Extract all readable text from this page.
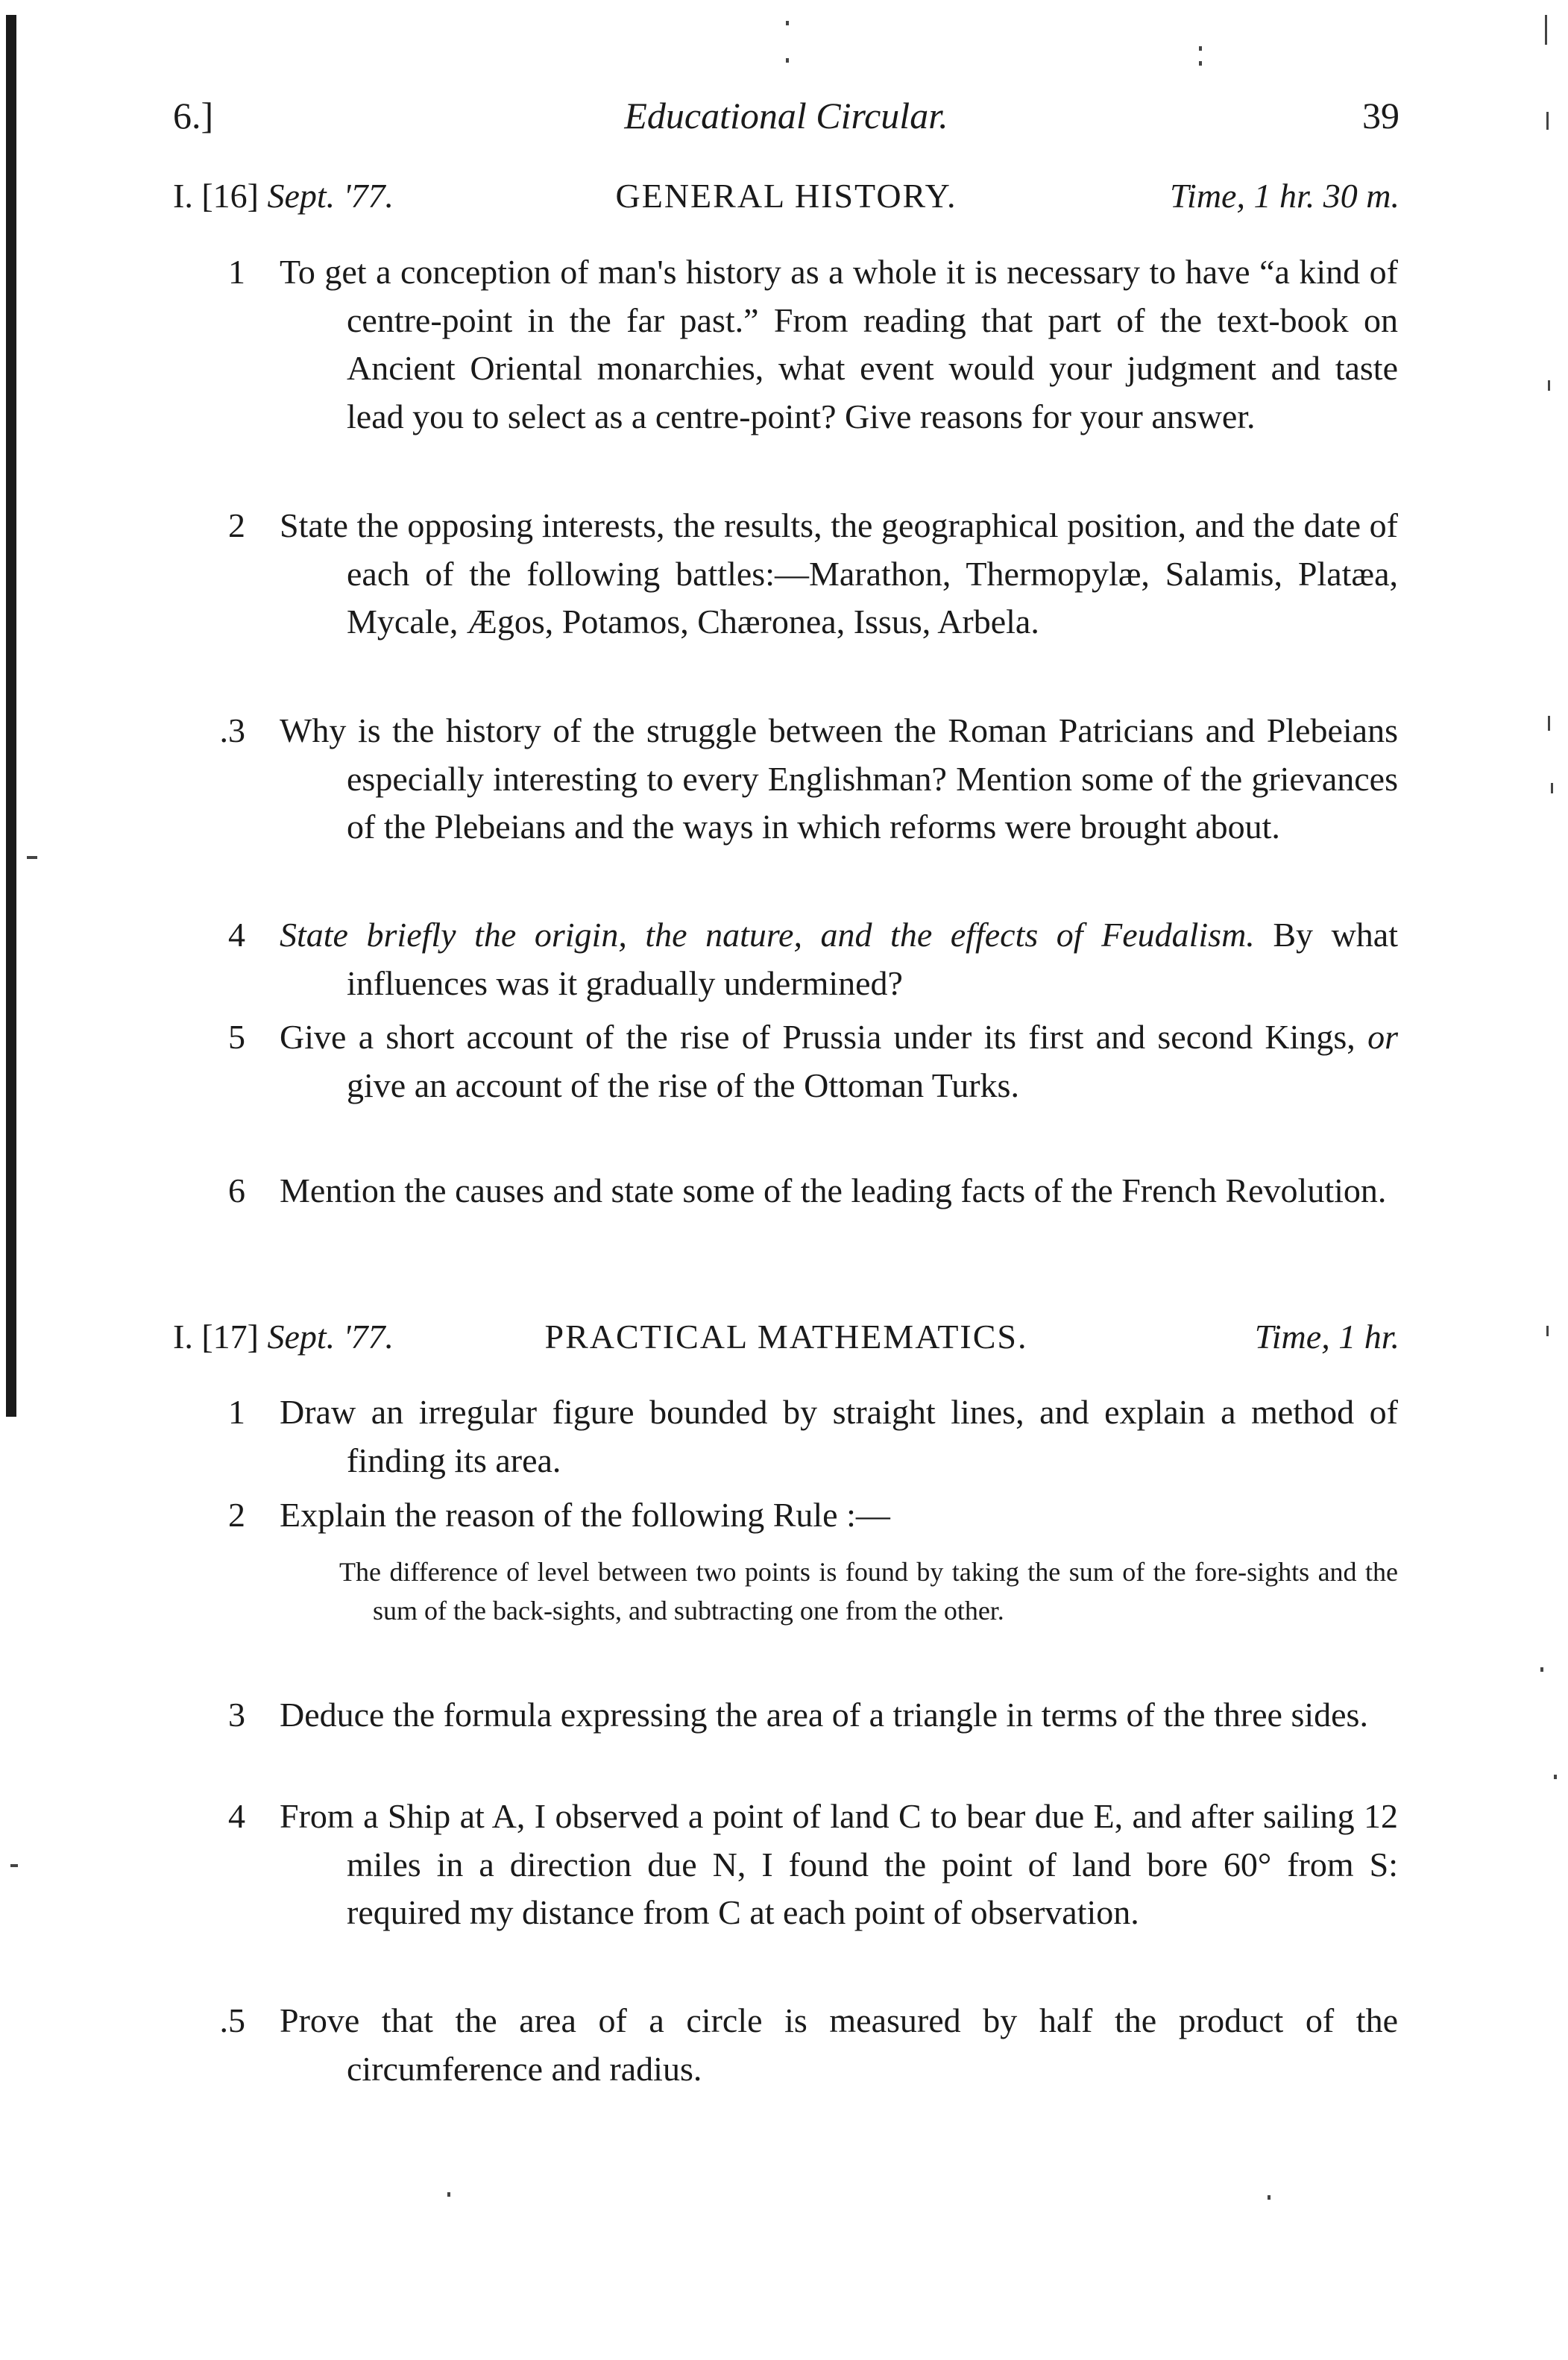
6.]	Educational Circular.	39
I. [16] Sept. '77.	GENERAL HISTORY.	Time, 1 hr. 30 m.
1 To get a conception of man's history as a whole it is necessary to have “a kind of centre-point in the far past.” From reading that part of the text-book on Ancient Oriental monarchies, what event would your judgment and taste lead you to select as a centre-point? Give reasons for your answer.
2 State the opposing interests, the results, the geographical position, and the date of each of the following battles:—Marathon, Thermopylæ, Salamis, Platæa, Mycale, Ægos, Potamos, Chæronea, Issus, Arbela.
.3 Why is the history of the struggle between the Roman Patricians and Plebeians especially interesting to every Englishman? Mention some of the grievances of the Plebeians and the ways in which reforms were brought about.
4 State briefly the origin, the nature, and the effects of Feudalism. By what influences was it gradually undermined?
5 Give a short account of the rise of Prussia under its first and second Kings, or give an account of the rise of the Ottoman Turks.
6 Mention the causes and state some of the leading facts of the French Revolution.
I. [17] Sept. '77.	PRACTICAL MATHEMATICS.	Time, 1 hr.
1 Draw an irregular figure bounded by straight lines, and explain a method of finding its area.
2 Explain the reason of the following Rule :—
The difference of level between two points is found by taking the sum of the fore-sights and the sum of the back-sights, and subtracting one from the other.
3 Deduce the formula expressing the area of a triangle in terms of the three sides.
4 From a Ship at A, I observed a point of land C to bear due E, and after sailing 12 miles in a direction due N, I found the point of land bore 60° from S: required my distance from C at each point of observation.
.5 Prove that the area of a circle is measured by half the product of the circumference and radius.
